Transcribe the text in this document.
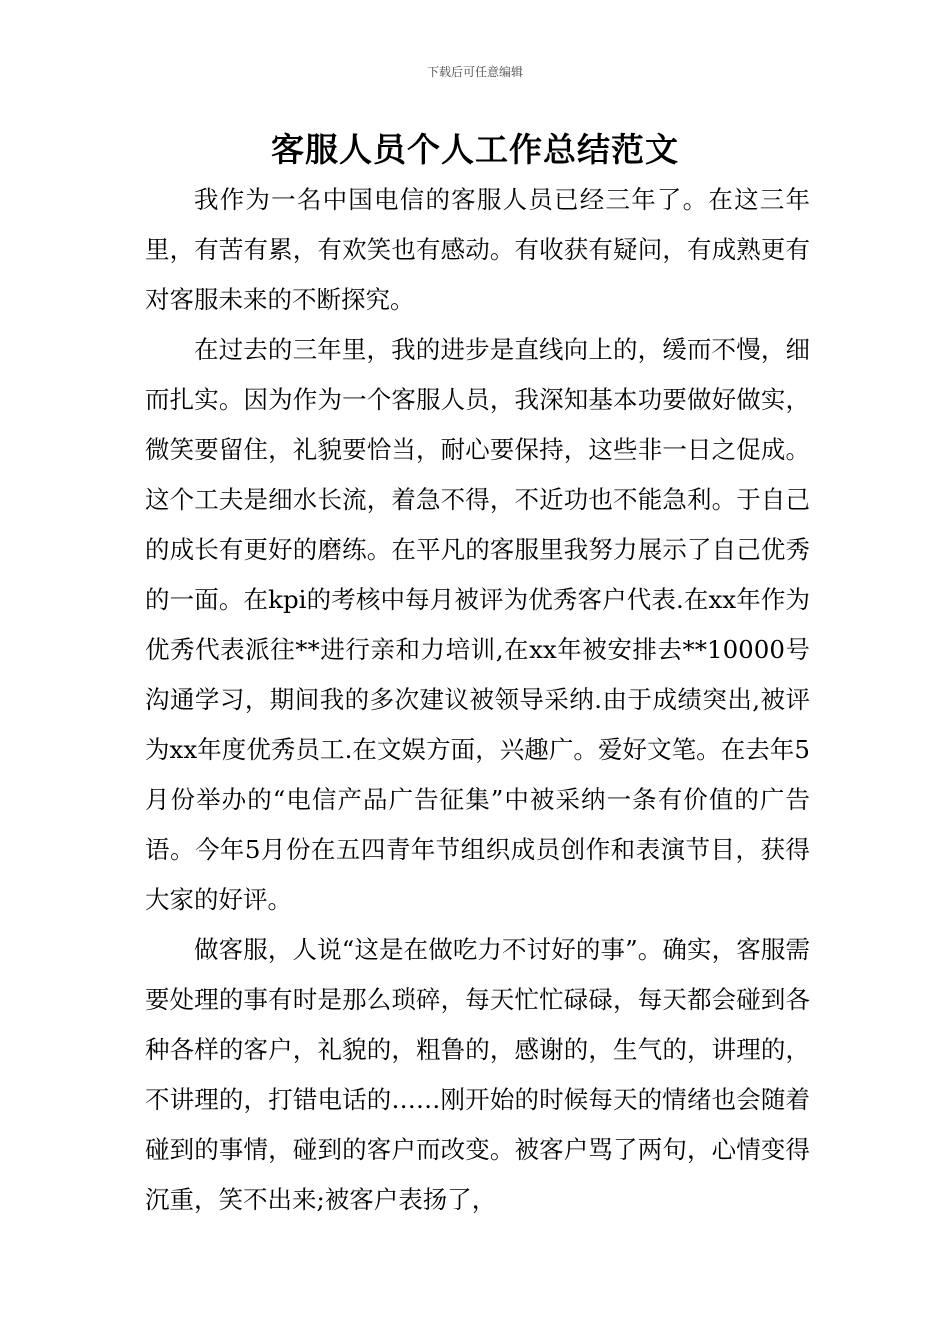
下载后可任意编辑
客服人员个人工作总结范文

我作为一名中国电信的客服人员已经三年了。在这三年里，有苦有累，有欢笑也有感动。有收获有疑问，有成熟更有对客服未来的不断探究。

在过去的三年里，我的进步是直线向上的，缓而不慢，细而扎实。因为作为一个客服人员，我深知基本功要做好做实，微笑要留住，礼貌要恰当，耐心要保持，这些非一日之促成。这个工夫是细水长流，着急不得，不近功也不能急利。于自己的成长有更好的磨练。在平凡的客服里我努力展示了自己优秀的一面。在kpi的考核中每月被评为优秀客户代表.在xx年作为优秀代表派往**进行亲和力培训,在xx年被安排去**10000号沟通学习，期间我的多次建议被领导采纳.由于成绩突出,被评为xx年度优秀员工.在文娱方面，兴趣广。爱好文笔。在去年5月份举办的“电信产品广告征集”中被采纳一条有价值的广告语。今年5月份在五四青年节组织成员创作和表演节目，获得大家的好评。

做客服，人说“这是在做吃力不讨好的事”。确实，客服需要处理的事有时是那么琐碎，每天忙忙碌碌，每天都会碰到各种各样的客户，礼貌的，粗鲁的，感谢的，生气的，讲理的，不讲理的，打错电话的……刚开始的时候每天的情绪也会随着碰到的事情，碰到的客户而改变。被客户骂了两句，心情变得沉重，笑不出来;被客户表扬了，
